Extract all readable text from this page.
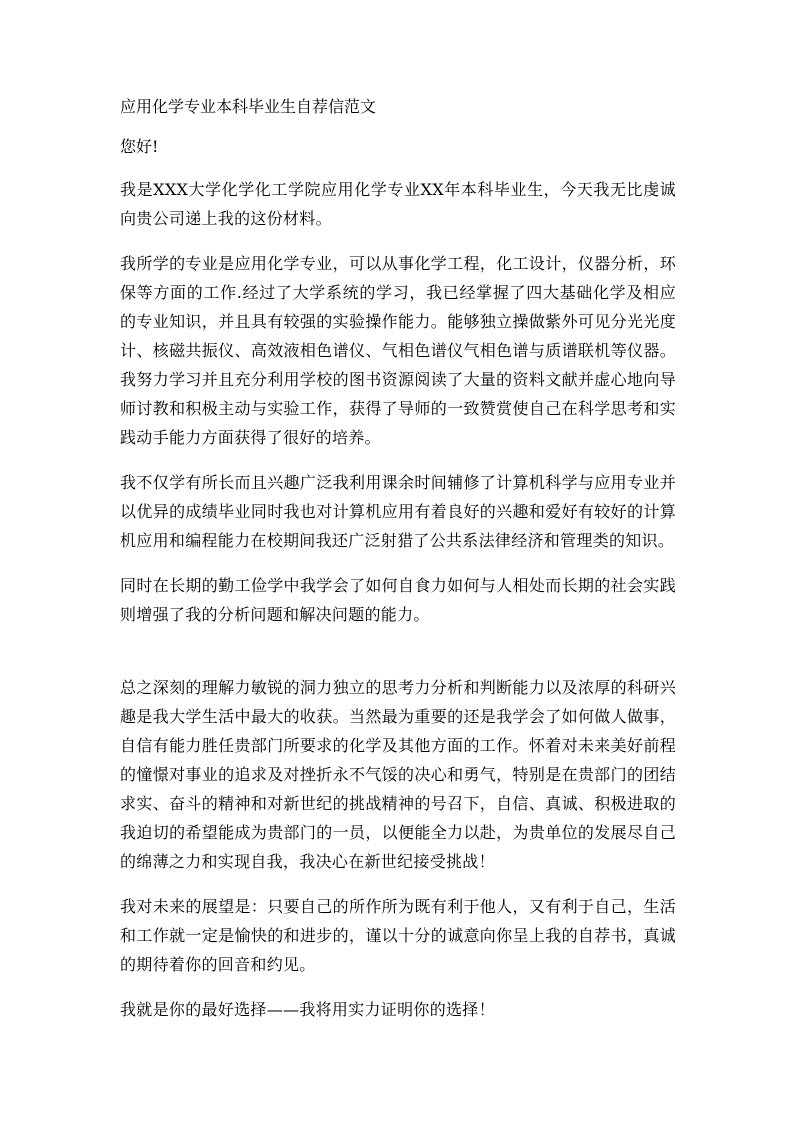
应用化学专业本科毕业生自荐信范文
您好!

我是XXX大学化学化工学院应用化学专业XX年本科毕业生，今天我无比虔诚向贵公司递上我的这份材料。

我所学的专业是应用化学专业，可以从事化学工程，化工设计，仪器分析，环保等方面的工作.经过了大学系统的学习，我已经掌握了四大基础化学及相应的专业知识，并且具有较强的实验操作能力。能够独立操做紫外可见分光光度计、核磁共振仪、高效液相色谱仪、气相色谱仪气相色谱与质谱联机等仪器。我努力学习并且充分利用学校的图书资源阅读了大量的资料文献并虚心地向导师讨教和积极主动与实验工作，获得了导师的一致赞赏使自己在科学思考和实践动手能力方面获得了很好的培养。

我不仅学有所长而且兴趣广泛我利用课余时间辅修了计算机科学与应用专业并以优异的成绩毕业同时我也对计算机应用有着良好的兴趣和爱好有较好的计算机应用和编程能力在校期间我还广泛射猎了公共系法律经济和管理类的知识。

同时在长期的勤工俭学中我学会了如何自食力如何与人相处而长期的社会实践则增强了我的分析问题和解决问题的能力。

总之深刻的理解力敏锐的洞力独立的思考力分析和判断能力以及浓厚的科研兴趣是我大学生活中最大的收获。当然最为重要的还是我学会了如何做人做事，自信有能力胜任贵部门所要求的化学及其他方面的工作。怀着对未来美好前程的憧憬对事业的追求及对挫折永不气馁的决心和勇气，特别是在贵部门的团结求实、奋斗的精神和对新世纪的挑战精神的号召下，自信、真诚、积极进取的我迫切的希望能成为贵部门的一员，以便能全力以赴，为贵单位的发展尽自己的绵薄之力和实现自我，我决心在新世纪接受挑战！

我对未来的展望是：只要自己的所作所为既有利于他人，又有利于自己，生活和工作就一定是愉快的和进步的，谨以十分的诚意向你呈上我的自荐书，真诚的期待着你的回音和约见。

我就是你的最好选择——我将用实力证明你的选择！
